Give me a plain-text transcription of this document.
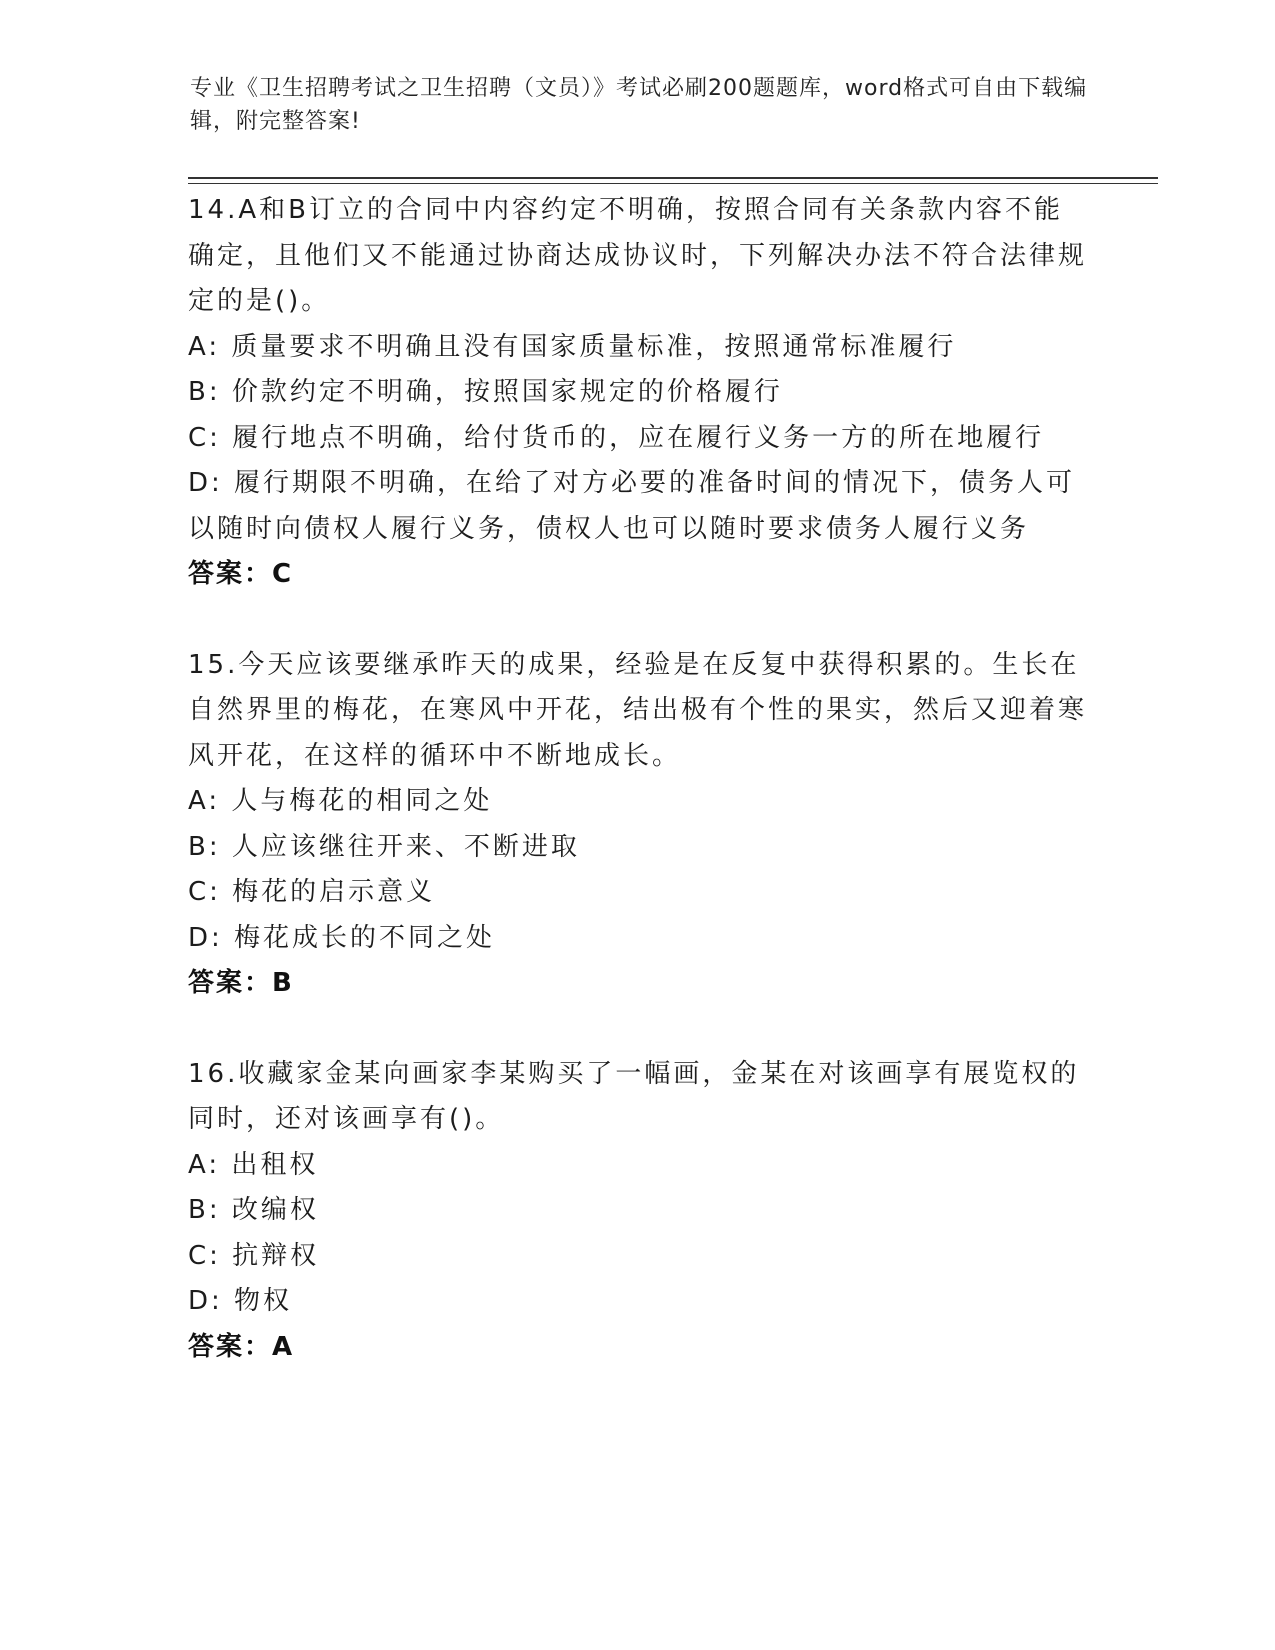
专业《卫生招聘考试之卫生招聘（文员）》考试必刷200题题库，word格式可自由下载编辑，附完整答案!
14.A和B订立的合同中内容约定不明确，按照合同有关条款内容不能确定，且他们又不能通过协商达成协议时，下列解决办法不符合法律规定的是()。
A: 质量要求不明确且没有国家质量标准，按照通常标准履行
B: 价款约定不明确，按照国家规定的价格履行
C: 履行地点不明确，给付货币的，应在履行义务一方的所在地履行
D: 履行期限不明确，在给了对方必要的准备时间的情况下，债务人可以随时向债权人履行义务，债权人也可以随时要求债务人履行义务
答案：C
15.今天应该要继承昨天的成果，经验是在反复中获得积累的。生长在自然界里的梅花，在寒风中开花，结出极有个性的果实，然后又迎着寒风开花，在这样的循环中不断地成长。
A: 人与梅花的相同之处
B: 人应该继往开来、不断进取
C: 梅花的启示意义
D: 梅花成长的不同之处
答案：B
16.收藏家金某向画家李某购买了一幅画，金某在对该画享有展览权的同时，还对该画享有()。
A: 出租权
B: 改编权
C: 抗辩权
D: 物权
答案：A
